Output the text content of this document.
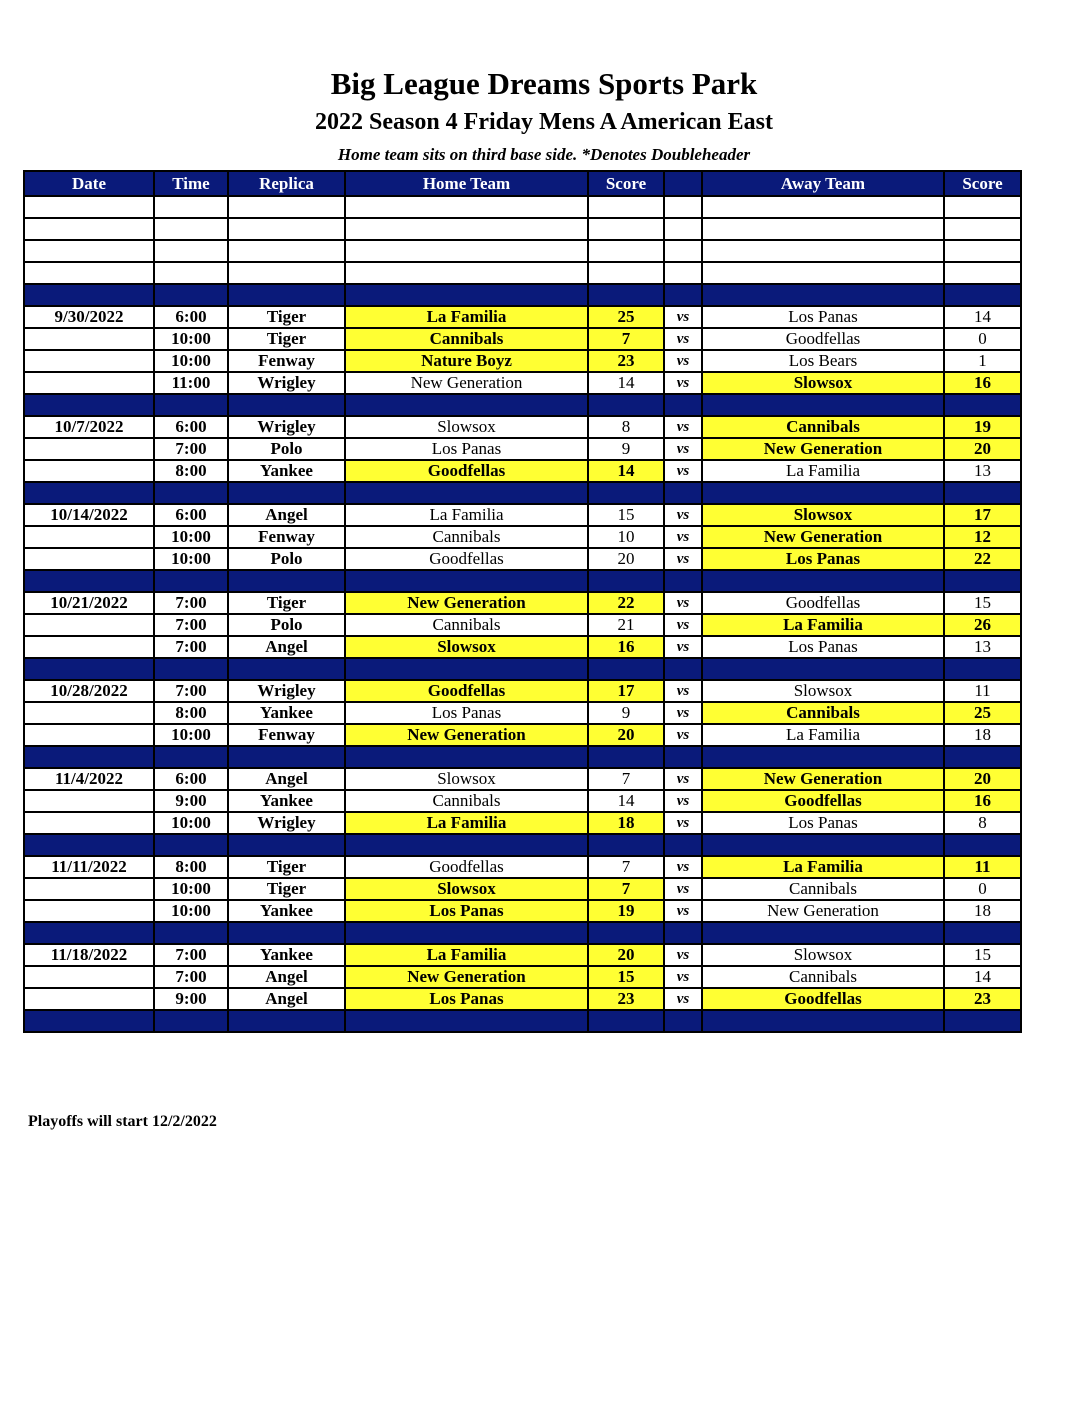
Big League Dreams Sports Park
2022 Season 4 Friday Mens A American East
Home team sits on third base side. *Denotes Doubleheader
Date	Time	Replica	Home Team	Score		Away Team	Score

9/30/2022	6:00	Tiger	La Familia	25	vs	Los Panas	14
	10:00	Tiger	Cannibals	7	vs	Goodfellas	0
	10:00	Fenway	Nature Boyz	23	vs	Los Bears	1
	11:00	Wrigley	New Generation	14	vs	Slowsox	16

10/7/2022	6:00	Wrigley	Slowsox	8	vs	Cannibals	19
	7:00	Polo	Los Panas	9	vs	New Generation	20
	8:00	Yankee	Goodfellas	14	vs	La Familia	13

10/14/2022	6:00	Angel	La Familia	15	vs	Slowsox	17
	10:00	Fenway	Cannibals	10	vs	New Generation	12
	10:00	Polo	Goodfellas	20	vs	Los Panas	22

10/21/2022	7:00	Tiger	New Generation	22	vs	Goodfellas	15
	7:00	Polo	Cannibals	21	vs	La Familia	26
	7:00	Angel	Slowsox	16	vs	Los Panas	13

10/28/2022	7:00	Wrigley	Goodfellas	17	vs	Slowsox	11
	8:00	Yankee	Los Panas	9	vs	Cannibals	25
	10:00	Fenway	New Generation	20	vs	La Familia	18

11/4/2022	6:00	Angel	Slowsox	7	vs	New Generation	20
	9:00	Yankee	Cannibals	14	vs	Goodfellas	16
	10:00	Wrigley	La Familia	18	vs	Los Panas	8

11/11/2022	8:00	Tiger	Goodfellas	7	vs	La Familia	11
	10:00	Tiger	Slowsox	7	vs	Cannibals	0
	10:00	Yankee	Los Panas	19	vs	New Generation	18

11/18/2022	7:00	Yankee	La Familia	20	vs	Slowsox	15
	7:00	Angel	New Generation	15	vs	Cannibals	14
	9:00	Angel	Los Panas	23	vs	Goodfellas	23

Playoffs will start 12/2/2022
